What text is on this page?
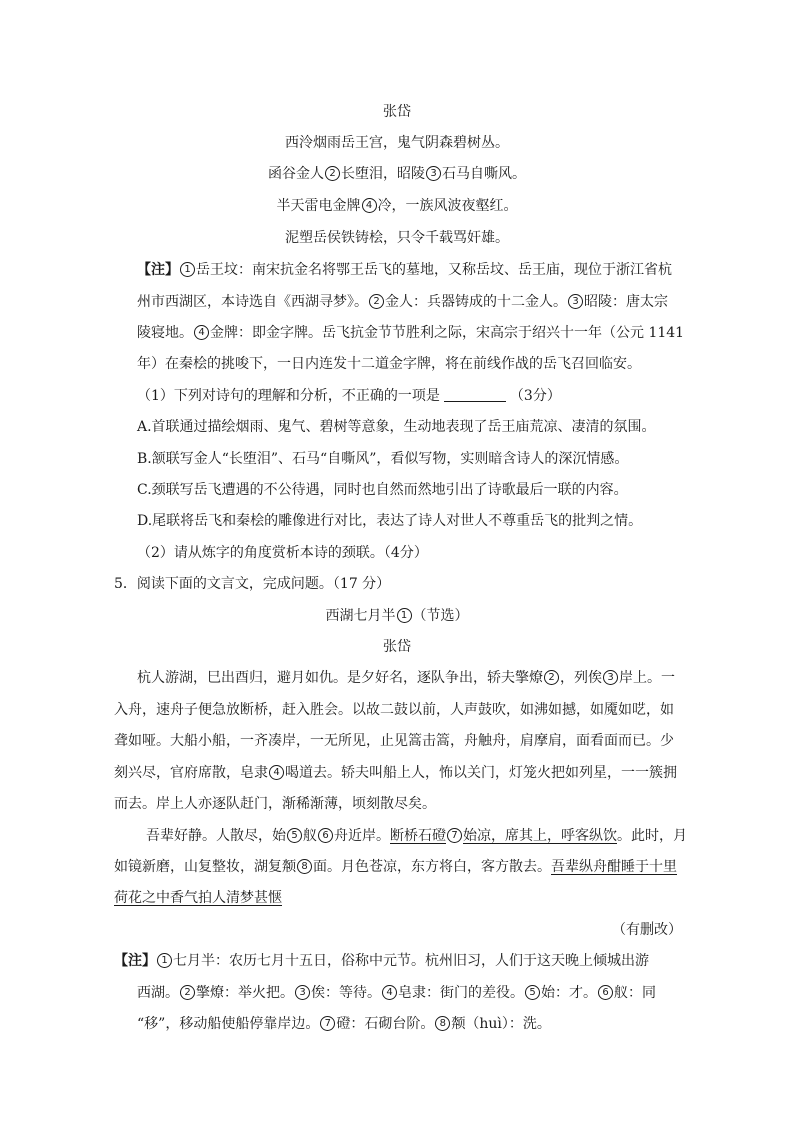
张岱
西泠烟雨岳王宫，鬼气阴森碧树丛。
函谷金人 2 长堕泪，昭陵 3 石马自嘶风。
半天雷电金牌 4 冷，一族风波夜壑红。
泥塑岳侯铁铸桧，只令千载骂奸雄。
【注】 1 岳王坟：南宋抗金名将鄂王岳飞的墓地，又称岳坟、岳王庙，现位于浙江省杭
州市西湖区，本诗选自《西湖寻梦》。 2 金人：兵器铸成的十二金人。 3 昭陵：唐太宗
陵寝地。 4 金牌：即金字牌。岳飞抗金节节胜利之际，宋高宗于绍兴十一年（公元 1141
年）在秦桧的挑唆下，一日内连发十二道金字牌，将在前线作战的岳飞召回临安。
（1）下列对诗句的理解和分析，不正确的一项是	（3分）
A.首联通过描绘烟雨、鬼气、碧树等意象，生动地表现了岳王庙荒凉、凄清的氛围。
B.颔联写金人“长堕泪”、石马“自嘶风”，看似写物，实则暗含诗人的深沉情感。
C.颈联写岳飞遭遇的不公待遇，同时也自然而然地引出了诗歌最后一联的内容。
D.尾联将岳飞和秦桧的雕像进行对比，表达了诗人对世人不尊重岳飞的批判之情。
（2）请从炼字的角度赏析本诗的颈联。（4分）
5．阅读下面的文言文，完成问题。（17 分）
西湖七月半 1 （节选）
张岱
杭人游湖，巳出酉归，避月如仇。是夕好名，逐队争出，轿夫擎燎 2 ，列俟 3 岸上。一
入舟，速舟子便急放断桥，赶入胜会。以故二鼓以前，人声鼓吹，如沸如撼，如魇如呓，如
聋如哑。大船小船，一齐凑岸，一无所见，止见篙击篙，舟触舟，肩摩肩，面看面而已。少
刻兴尽，官府席散，皂隶 4 喝道去。轿夫叫船上人，怖以关门，灯笼火把如列星，一一簇拥
而去。岸上人亦逐队赶门，渐稀渐薄，顷刻散尽矣。
吾辈好静。人散尽，始 5 舣 6 舟近岸。断桥石磴 7 始凉，席其上，呼客纵饮。此时，月
如镜新磨，山复整妆，湖复颒 8 面。月色苍凉，东方将白，客方散去。吾辈纵舟酣睡于十里
荷花之中香气拍人清梦甚惬
（有删改）
【注】 1 七月半：农历七月十五日，俗称中元节。杭州旧习，人们于这天晚上倾城出游
西湖。 2 擎燎：举火把。 3 俟：等待。 4 皂隶：街门的差役。 5 始：才。 6 舣：同
“移”，移动船使船停靠岸边。 7 磴：石砌台阶。 8 颒（huì）：洗。
